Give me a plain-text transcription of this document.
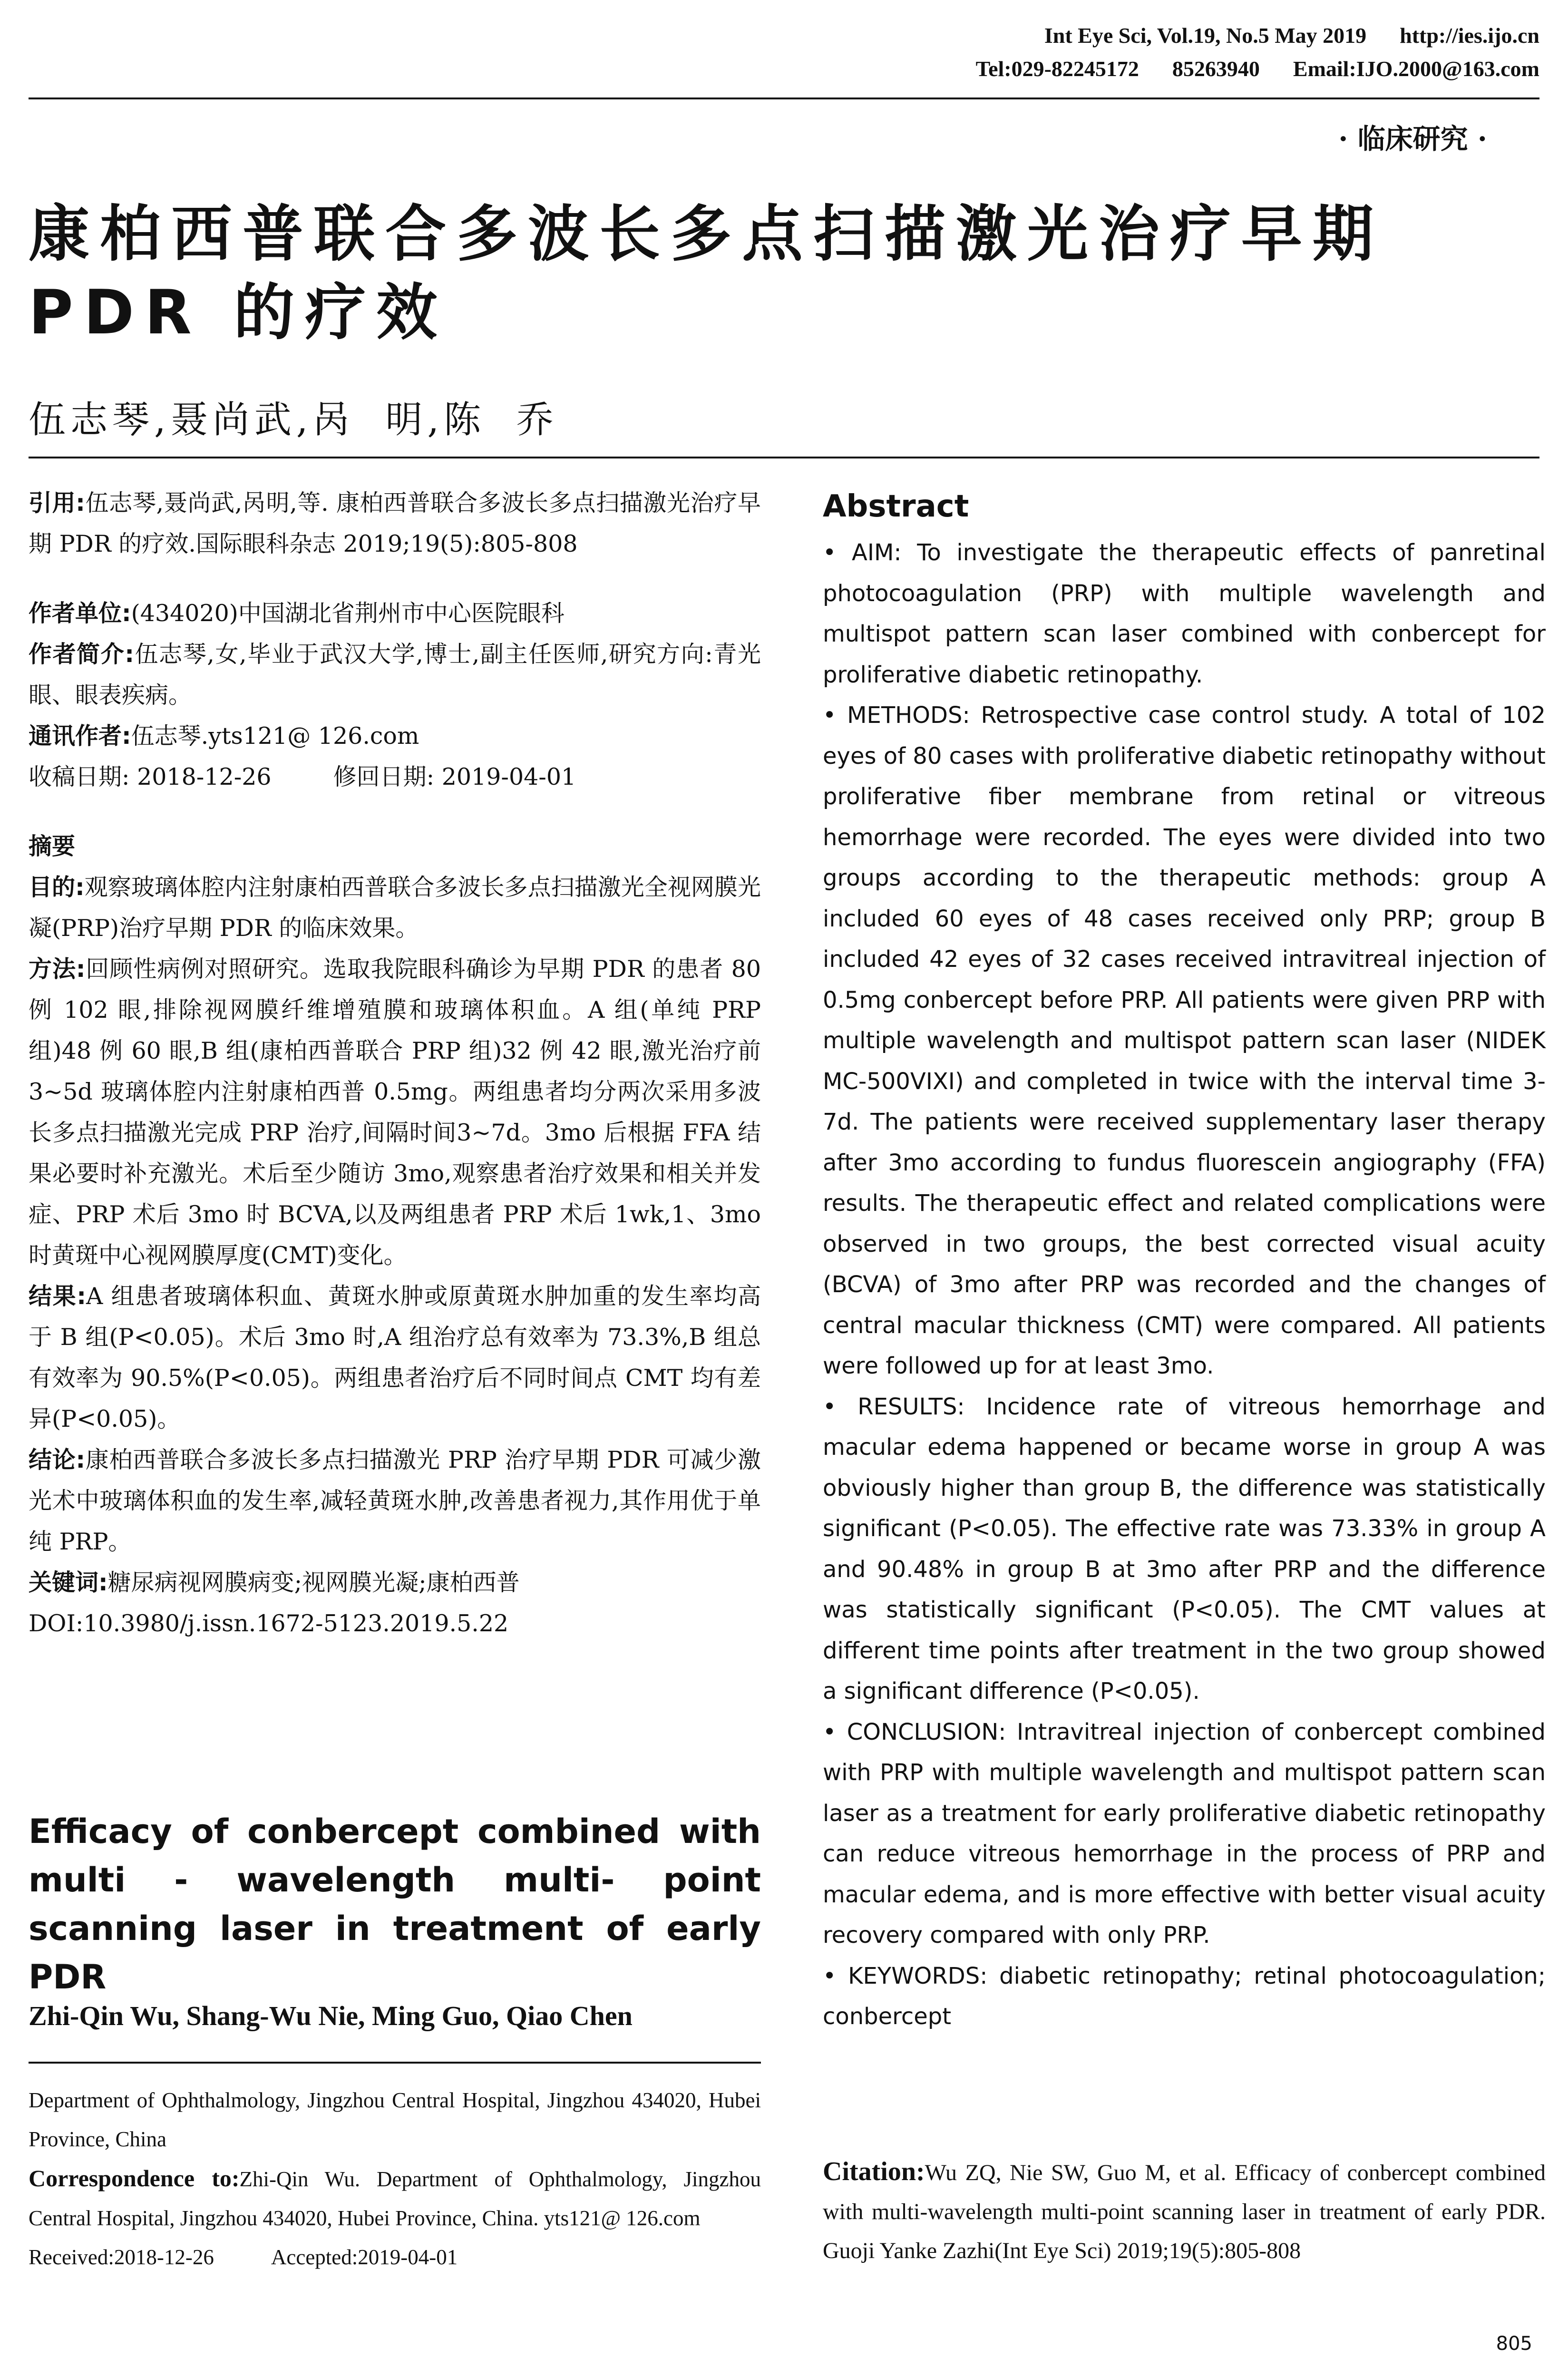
Int Eye Sci, Vol.19, No.5 May 2019 http://ies.ijo.cn
Tel:029-82245172 85263940 Email:IJO.2000@163.com
· 临床研究 ·
康柏西普联合多波长多点扫描激光治疗早期 PDR 的疗效
伍志琴,聂尚武,呙 明,陈 乔

引用:伍志琴,聂尚武,呙明,等. 康柏西普联合多波长多点扫描激光治疗早期 PDR 的疗效.国际眼科杂志 2019;19(5):805-808

作者单位:(434020)中国湖北省荆州市中心医院眼科

作者简介:伍志琴,女,毕业于武汉大学,博士,副主任医师,研究方向:青光眼、眼表疾病。

通讯作者:伍志琴.yts121@ 126.com

收稿日期: 2018-12-26	修回日期: 2019-04-01

摘要

目的:观察玻璃体腔内注射康柏西普联合多波长多点扫描激光全视网膜光凝(PRP)治疗早期 PDR 的临床效果。

方法:回顾性病例对照研究。选取我院眼科确诊为早期 PDR 的患者 80 例 102 眼,排除视网膜纤维增殖膜和玻璃体积血。A 组(单纯 PRP 组)48 例 60 眼,B 组(康柏西普联合 PRP 组)32 例 42 眼,激光治疗前 3~5d 玻璃体腔内注射康柏西普 0.5mg。两组患者均分两次采用多波长多点扫描激光完成 PRP 治疗,间隔时间3~7d。3mo 后根据 FFA 结果必要时补充激光。术后至少随访 3mo,观察患者治疗效果和相关并发症、PRP 术后 3mo 时 BCVA,以及两组患者 PRP 术后 1wk,1、3mo 时黄斑中心视网膜厚度(CMT)变化。

结果:A 组患者玻璃体积血、黄斑水肿或原黄斑水肿加重的发生率均高于 B 组(P<0.05)。术后 3mo 时,A 组治疗总有效率为 73.3%,B 组总有效率为 90.5%(P<0.05)。两组患者治疗后不同时间点 CMT 均有差异(P<0.05)。

结论:康柏西普联合多波长多点扫描激光 PRP 治疗早期 PDR 可减少激光术中玻璃体积血的发生率,减轻黄斑水肿,改善患者视力,其作用优于单纯 PRP。

关键词:糖尿病视网膜病变;视网膜光凝;康柏西普

DOI:10.3980/j.issn.1672-5123.2019.5.22

Efficacy of conbercept combined with multi - wavelength multi- point scanning laser in treatment of early PDR
Zhi-Qin Wu, Shang-Wu Nie, Ming Guo, Qiao Chen

Department of Ophthalmology, Jingzhou Central Hospital, Jingzhou 434020, Hubei Province, China

Correspondence to:Zhi-Qin Wu. Department of Ophthalmology, Jingzhou Central Hospital, Jingzhou 434020, Hubei Province, China. yts121@ 126.com

Received:2018-12-26	Accepted:2019-04-01

Abstract

• AIM: To investigate the therapeutic effects of panretinal photocoagulation (PRP) with multiple wavelength and multispot pattern scan laser combined with conbercept for proliferative diabetic retinopathy.

• METHODS: Retrospective case control study. A total of 102 eyes of 80 cases with proliferative diabetic retinopathy without proliferative fiber membrane from retinal or vitreous hemorrhage were recorded. The eyes were divided into two groups according to the therapeutic methods: group A included 60 eyes of 48 cases received only PRP; group B included 42 eyes of 32 cases received intravitreal injection of 0.5mg conbercept before PRP. All patients were given PRP with multiple wavelength and multispot pattern scan laser (NIDEK MC-500VIXI) and completed in twice with the interval time 3-7d. The patients were received supplementary laser therapy after 3mo according to fundus fluorescein angiography (FFA) results. The therapeutic effect and related complications were observed in two groups, the best corrected visual acuity (BCVA) of 3mo after PRP was recorded and the changes of central macular thickness (CMT) were compared. All patients were followed up for at least 3mo.

• RESULTS: Incidence rate of vitreous hemorrhage and macular edema happened or became worse in group A was obviously higher than group B, the difference was statistically significant (P<0.05). The effective rate was 73.33% in group A and 90.48% in group B at 3mo after PRP and the difference was statistically significant (P<0.05). The CMT values at different time points after treatment in the two group showed a significant difference (P<0.05).

• CONCLUSION: Intravitreal injection of conbercept combined with PRP with multiple wavelength and multispot pattern scan laser as a treatment for early proliferative diabetic retinopathy can reduce vitreous hemorrhage in the process of PRP and macular edema, and is more effective with better visual acuity recovery compared with only PRP.

• KEYWORDS: diabetic retinopathy; retinal photocoagulation; conbercept

Citation:Wu ZQ, Nie SW, Guo M, et al. Efficacy of conbercept combined with multi-wavelength multi-point scanning laser in treatment of early PDR. Guoji Yanke Zazhi(Int Eye Sci) 2019;19(5):805-808
805
